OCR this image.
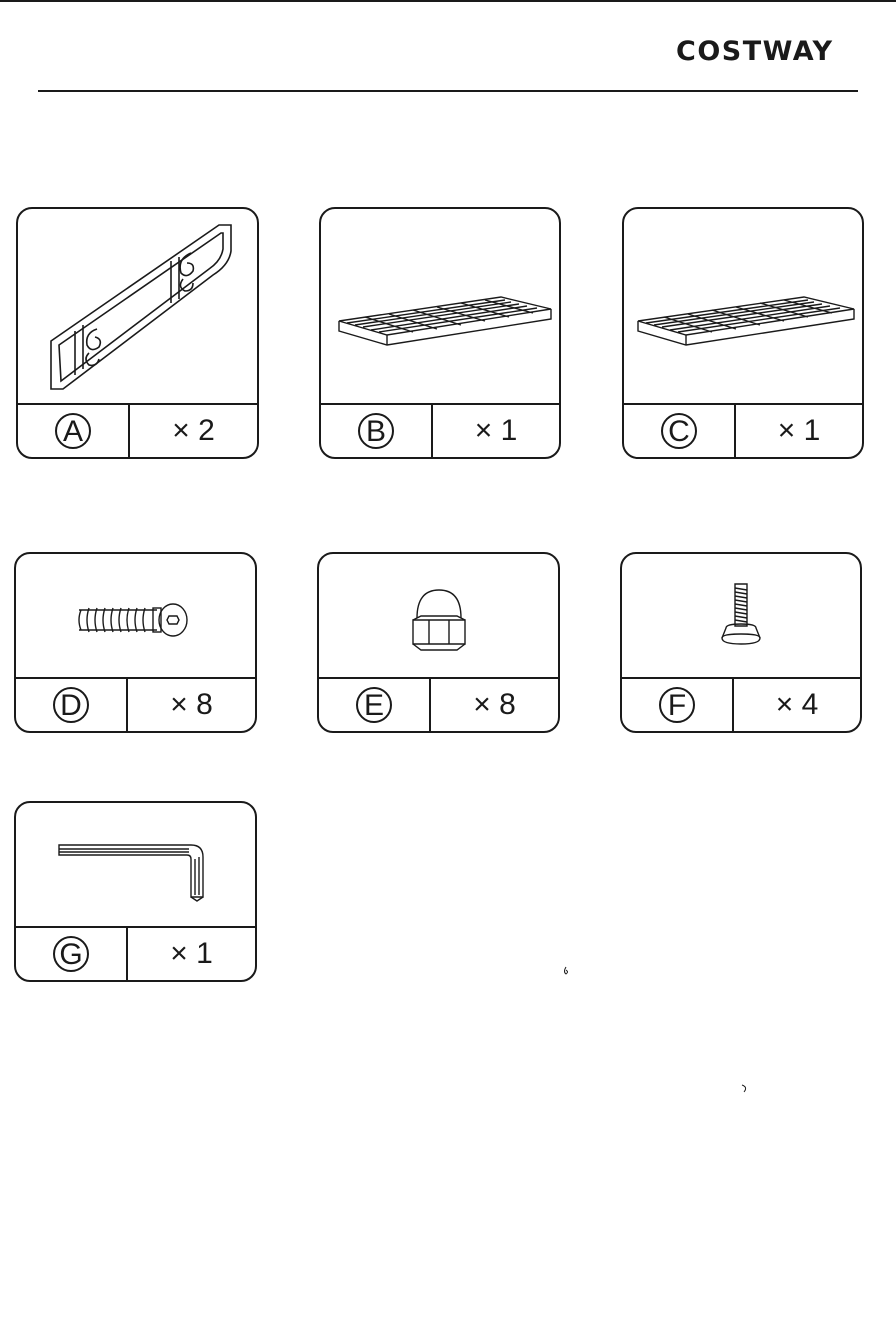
COSTWAY
A	× 2	B	× 1	C	× 1
D	× 8	E	× 8	F	× 4
G	× 1
